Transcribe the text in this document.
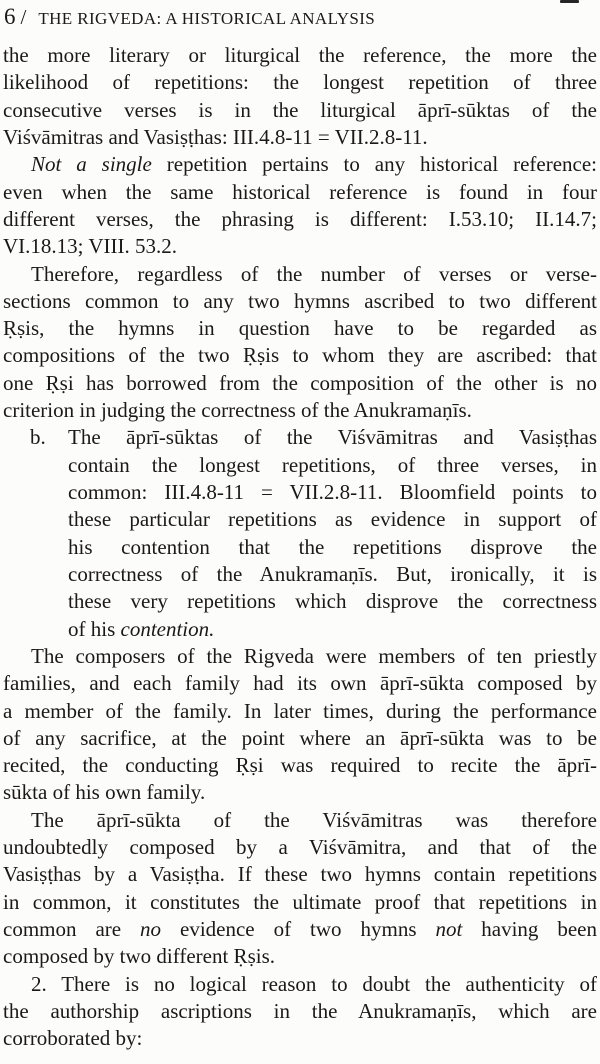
6 / THE RIGVEDA: A HISTORICAL ANALYSIS
the more literary or liturgical the reference, the more the
likelihood of repetitions: the longest repetition of three
consecutive verses is in the liturgical āprī-sūktas of the
Viśvāmitras and Vasiṣṭhas: III.4.8-11 = VII.2.8-11.
Not a single repetition pertains to any historical reference:
even when the same historical reference is found in four
different verses, the phrasing is different: I.53.10; II.14.7;
VI.18.13; VIII. 53.2.
Therefore, regardless of the number of verses or verse-
sections common to any two hymns ascribed to two different
Ṛṣis, the hymns in question have to be regarded as
compositions of the two Ṛṣis to whom they are ascribed: that
one Ṛṣi has borrowed from the composition of the other is no
criterion in judging the correctness of the Anukramaṇīs.
b. The āprī-sūktas of the Viśvāmitras and Vasiṣṭhas
contain the longest repetitions, of three verses, in
common: III.4.8-11 = VII.2.8-11. Bloomfield points to
these particular repetitions as evidence in support of
his contention that the repetitions disprove the
correctness of the Anukramaṇīs. But, ironically, it is
these very repetitions which disprove the correctness
of his contention.
The composers of the Rigveda were members of ten priestly
families, and each family had its own āprī-sūkta composed by
a member of the family. In later times, during the performance
of any sacrifice, at the point where an āprī-sūkta was to be
recited, the conducting Ṛṣi was required to recite the āprī-
sūkta of his own family.
The āprī-sūkta of the Viśvāmitras was therefore
undoubtedly composed by a Viśvāmitra, and that of the
Vasiṣṭhas by a Vasiṣṭha. If these two hymns contain repetitions
in common, it constitutes the ultimate proof that repetitions in
common are no evidence of two hymns not having been
composed by two different Ṛṣis.
2. There is no logical reason to doubt the authenticity of
the authorship ascriptions in the Anukramaṇīs, which are
corroborated by:
